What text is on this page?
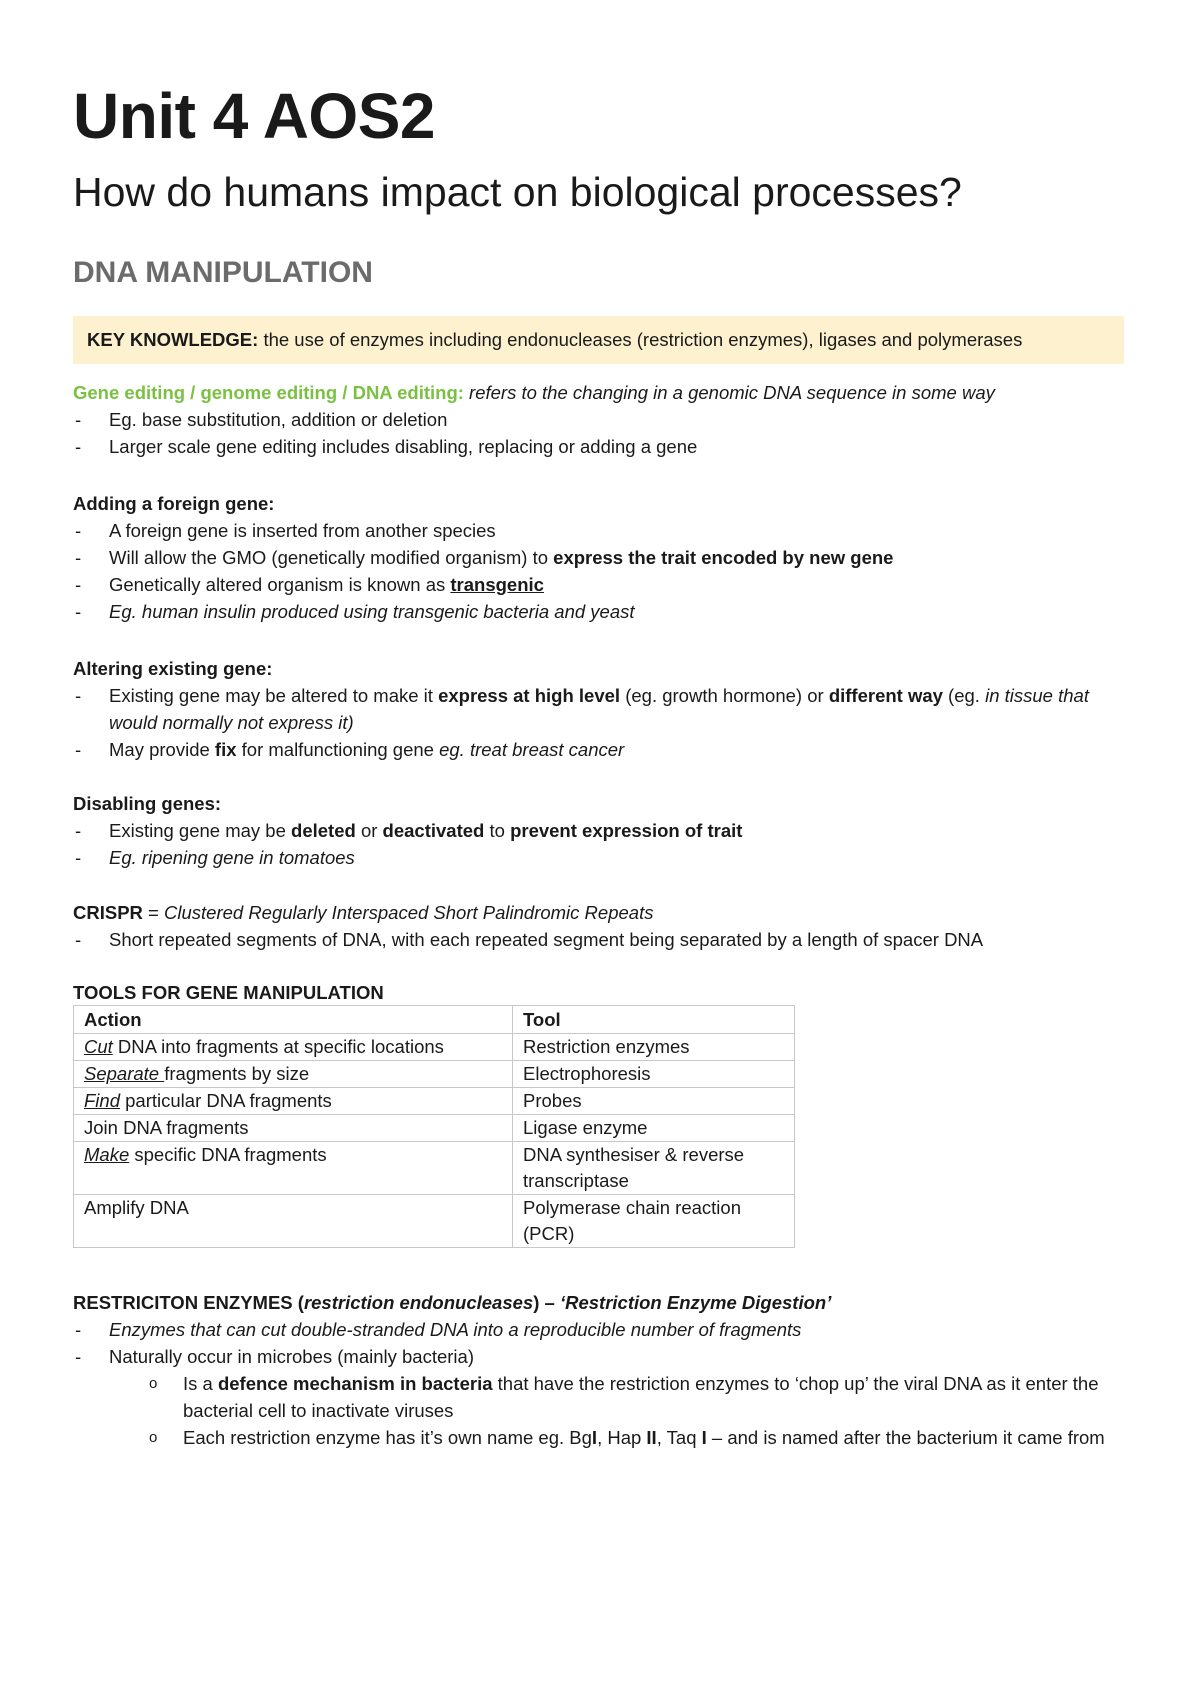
Unit 4 AOS2
How do humans impact on biological processes?
DNA MANIPULATION
KEY KNOWLEDGE: the use of enzymes including endonucleases (restriction enzymes), ligases and polymerases
Gene editing / genome editing / DNA editing: refers to the changing in a genomic DNA sequence in some way
- Eg. base substitution, addition or deletion
- Larger scale gene editing includes disabling, replacing or adding a gene
Adding a foreign gene:
- A foreign gene is inserted from another species
- Will allow the GMO (genetically modified organism) to express the trait encoded by new gene
- Genetically altered organism is known as transgenic
- Eg. human insulin produced using transgenic bacteria and yeast
Altering existing gene:
- Existing gene may be altered to make it express at high level (eg. growth hormone) or different way (eg. in tissue that would normally not express it)
- May provide fix for malfunctioning gene eg. treat breast cancer
Disabling genes:
- Existing gene may be deleted or deactivated to prevent expression of trait
- Eg. ripening gene in tomatoes
CRISPR = Clustered Regularly Interspaced Short Palindromic Repeats
- Short repeated segments of DNA, with each repeated segment being separated by a length of spacer DNA
TOOLS FOR GENE MANIPULATION
Action	Tool
Cut DNA into fragments at specific locations	Restriction enzymes
Separate fragments by size	Electrophoresis
Find particular DNA fragments	Probes
Join DNA fragments	Ligase enzyme
Make specific DNA fragments	DNA synthesiser & reverse transcriptase
Amplify DNA	Polymerase chain reaction (PCR)
RESTRICITON ENZYMES (restriction endonucleases) – ‘Restriction Enzyme Digestion’
- Enzymes that can cut double-stranded DNA into a reproducible number of fragments
- Naturally occur in microbes (mainly bacteria)
o Is a defence mechanism in bacteria that have the restriction enzymes to ‘chop up’ the viral DNA as it enter the bacterial cell to inactivate viruses
o Each restriction enzyme has it’s own name eg. BgI, Hap II, Taq I – and is named after the bacterium it came from
